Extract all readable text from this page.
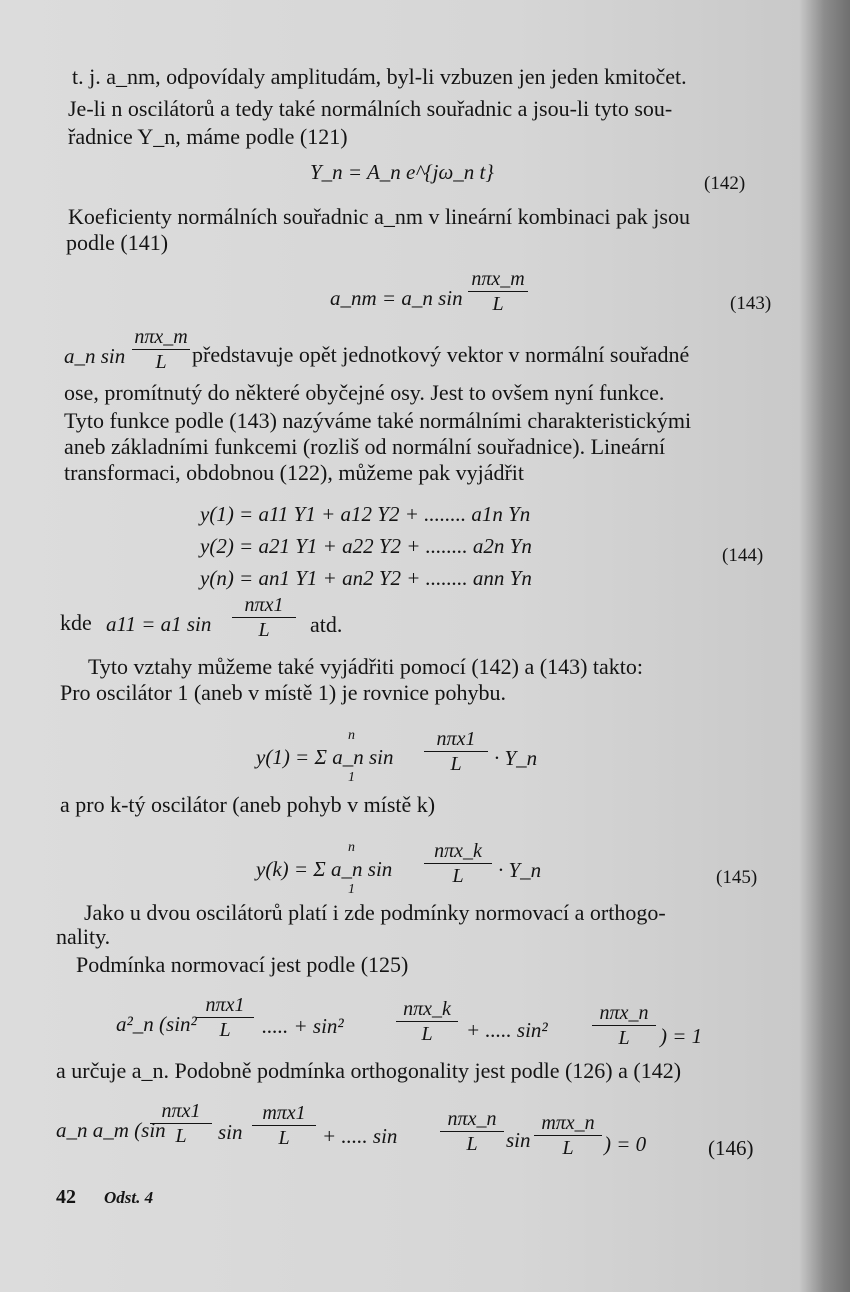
t. j. a_nm, odpovídaly amplitudám, byl-li vzbuzen jen jeden kmitočet.
Je-li n oscilátorů a tedy také normálních souřadnic a jsou-li tyto sou-
řadnice Y_n, máme podle (121)
Y_n = A_n e^{jω_n t}	(142)
Koeficienty normálních souřadnic a_nm v lineární kombinaci pak jsou
podle (141)
a_nm = a_n sin
nπx_m
L	(143)
a_n sin
nπx_m
L	představuje opět jednotkový vektor v normální souřadné
ose, promítnutý do některé obyčejné osy. Jest to ovšem nyní funkce.
Tyto funkce podle (143) nazýváme také normálními charakteristickými
aneb základními funkcemi (rozliš od normální souřadnice). Lineární
transformaci, obdobnou (122), můžeme pak vyjádřit
y(1) = a11 Y1 + a12 Y2 + ........ a1n Yn
y(2) = a21 Y1 + a22 Y2 + ........ a2n Yn
y(n) = an1 Y1 + an2 Y2 + ........ ann Yn
(144)
kde a11 = a1 sin
nπx1
L	atd.
Tyto vztahy můžeme také vyjádřiti pomocí (142) a (143) takto:
Pro oscilátor 1 (aneb v místě 1) je rovnice pohybu.
n
y(1) = Σ a_n sin
1
nπx1
L	· Y_n
a pro k-tý oscilátor (aneb pohyb v místě k)
n
y(k) = Σ a_n sin
1
nπx_k
L	· Y_n	(145)
Jako u dvou oscilátorů platí i zde podmínky normovací a orthogo-
nality.
Podmínka normovací jest podle (125)
a²_n (sin²
nπx1
L	..... + sin²
nπx_k
L	+ ..... sin²
nπx_n
L	) = 1
a určuje a_n. Podobně podmínka orthogonality jest podle (126) a (142)
a_n a_m (sin
nπx1
L	sin
mπx1
L	+ ..... sin
nπx_n
L	sin
mπx_n
L	) = 0	(146)
42 Odst. 4
